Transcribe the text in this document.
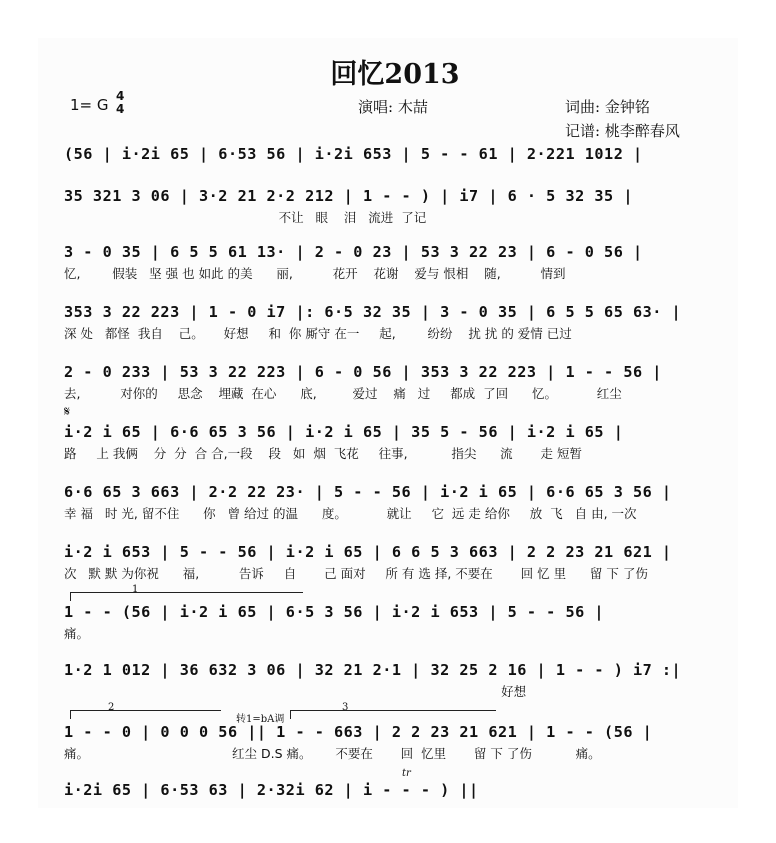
回忆2013
1= G 4
4	演唱: 木喆	词曲: 金钟铭
记谱: 桃李醉春风
(56 | i·2i 65 | 6·53 56 | i·2i 653 | 5 - - 61 | 2·221 1012 |
35 321 3 06 | 3·2 21 2·2 212 | 1 - - ) | i7 | 6 · 5 32 35 |
不让   眼    泪   流进  了记
3 - 0 35 | 6 5 5 61 13· | 2 - 0 23 | 53 3 22 23 | 6 - 0 56 |
忆,        假装   坚 强 也 如此 的美      丽,          花开    花谢    爱与 恨相    随,          情到
353 3 22 223 | 1 - 0 i7 |: 6·5 32 35 | 3 - 0 35 | 6 5 5 65 63· |
深 处   都怪  我自    己。     好想     和  你 厮守 在一     起,        纷纷    扰 扰 的 爱情 已过
2 - 0 233 | 53 3 22 223 | 6 - 0 56 | 353 3 22 223 | 1 - - 56 |
去,          对你的     思念    埋藏  在心      底,         爱过    痛   过     都成  了回      忆。          红尘
i·2 i 65 | 6·6 65 3 56 | i·2 i 65 | 35 5 - 56 | i·2 i 65 |
路     上 我俩    分  分  合 合,一段    段   如  烟  飞花     往事,           指尖      流       走 短暂
6·6 65 3 663 | 2·2 22 23· | 5 - - 56 | i·2 i 65 | 6·6 65 3 56 |
幸 福   时 光, 留不住      你   曾 给过 的温      度。          就让     它  远 走 给你     放  飞   自 由, 一次
i·2 i 653 | 5 - - 56 | i·2 i 65 | 6 6 5 3 663 | 2 2 23 21 621 |
次   默 默 为你祝      福,          告诉     自       己 面对     所 有 选 择, 不要在       回 忆 里      留 下 了伤
1
1 - - (56 | i·2 i 65 | 6·5 3 56 | i·2 i 653 | 5 - - 56 |
痛。
1·2 1 012 | 36 632 3 06 | 32 21 2·1 | 32 25 2 16 | 1 - - ) i7 :|
好想
2	3
转1=bA调
1 - - 0 | 0 0 0 56 || 1 - - 663 | 2 2 23 21 621 | 1 - - (56 |
痛。                                    红尘 D.S 痛。      不要在       回  忆里       留 下 了伤           痛。
i·2i 65 | 6·53 63 | 2·32i 62 | i - - - ) ||
𝄋
tr
